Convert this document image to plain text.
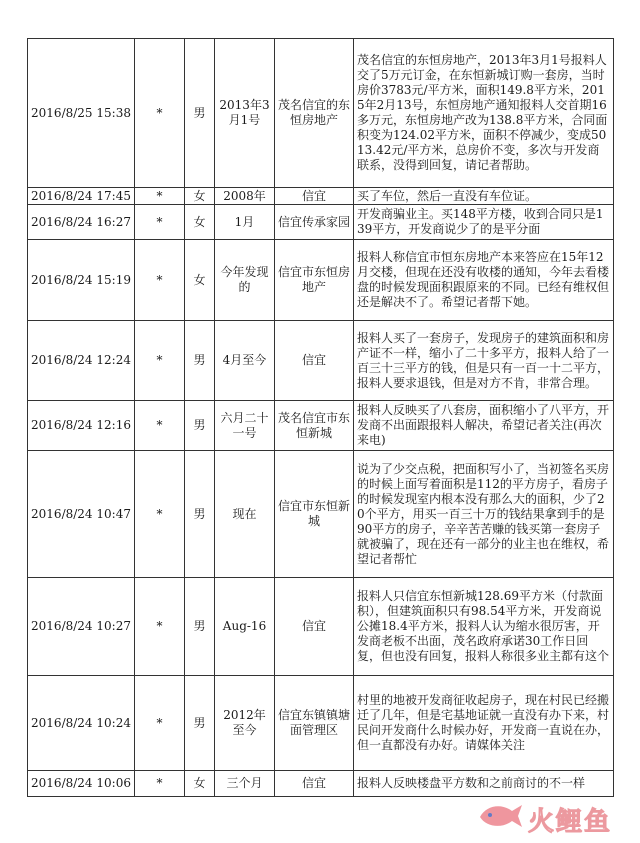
2016/8/25 15:38	*	男	2013年3月1号	茂名信宜的东恒房地产	茂名信宜的东恒房地产，2013年3月1号报料人交了5万元订金，在东恒新城订购一套房，当时房价3783元/平方米，面积149.8平方米，2015年2月13号，东恒房地产通知报料人交首期16多万元，东恒房地产改为138.8平方米，合同面积变为124.02平方米，面积不停减少，变成5013.42元/平方米，总房价不变，多次与开发商联系，没得到回复，请记者帮助。
2016/8/24 17:45	*	女	2008年	信宜	买了车位，然后一直没有车位证。
2016/8/24 16:27	*	女	1月	信宜传承家园	开发商骗业主。买148平方楼，收到合同只是139平方，开发商说少了的是平分面
2016/8/24 15:19	*	女	今年发现的	信宜市东恒房地产	报料人称信宜市恒东房地产本来答应在15年12月交楼，但现在还没有收楼的通知，今年去看楼盘的时候发现面积跟原来的不同。已经有维权但还是解决不了。希望记者帮下她。
2016/8/24 12:24	*	男	4月至今	信宜	报料人买了一套房子，发现房子的建筑面积和房产证不一样，缩小了二十多平方，报料人给了一百三十三平方的钱，但是只有一百一十二平方，报料人要求退钱，但是对方不肯，非常合理。
2016/8/24 12:16	*	男	六月二十一号	茂名信宜市东恒新城	报料人反映买了八套房，面积缩小了八平方，开发商不出面跟报料人解决，希望记者关注(再次来电)
2016/8/24 10:47	*	男	现在	信宜市东恒新城	说为了少交点税，把面积写小了，当初签名买房的时候上面写着面积是112的平方房子，看房子的时候发现室内根本没有那么大的面积，少了20个平方，用买一百三十万的钱结果拿到手的是90平方的房子，辛辛苦苦赚的钱买第一套房子就被骗了，现在还有一部分的业主也在维权，希望记者帮忙
2016/8/24 10:27	*	男	Aug-16	信宜	报料人只信宜东恒新城128.69平方米（付款面积），但建筑面积只有98.54平方米，开发商说公摊18.4平方米，报料人认为缩水很厉害，开发商老板不出面，茂名政府承诺30工作日回复，但也没有回复，报料人称很多业主都有这个
2016/8/24 10:24	*	男	2012年至今	信宜东镇镇塘面管理区	村里的地被开发商征收起房子，现在村民已经搬迁了几年，但是宅基地证就一直没有办下来，村民问开发商什么时候办好，开发商一直说在办，但一直都没有办好。请媒体关注
2016/8/24 10:06	*	女	三个月	信宜	报料人反映楼盘平方数和之前商讨的不一样
火鲤鱼
